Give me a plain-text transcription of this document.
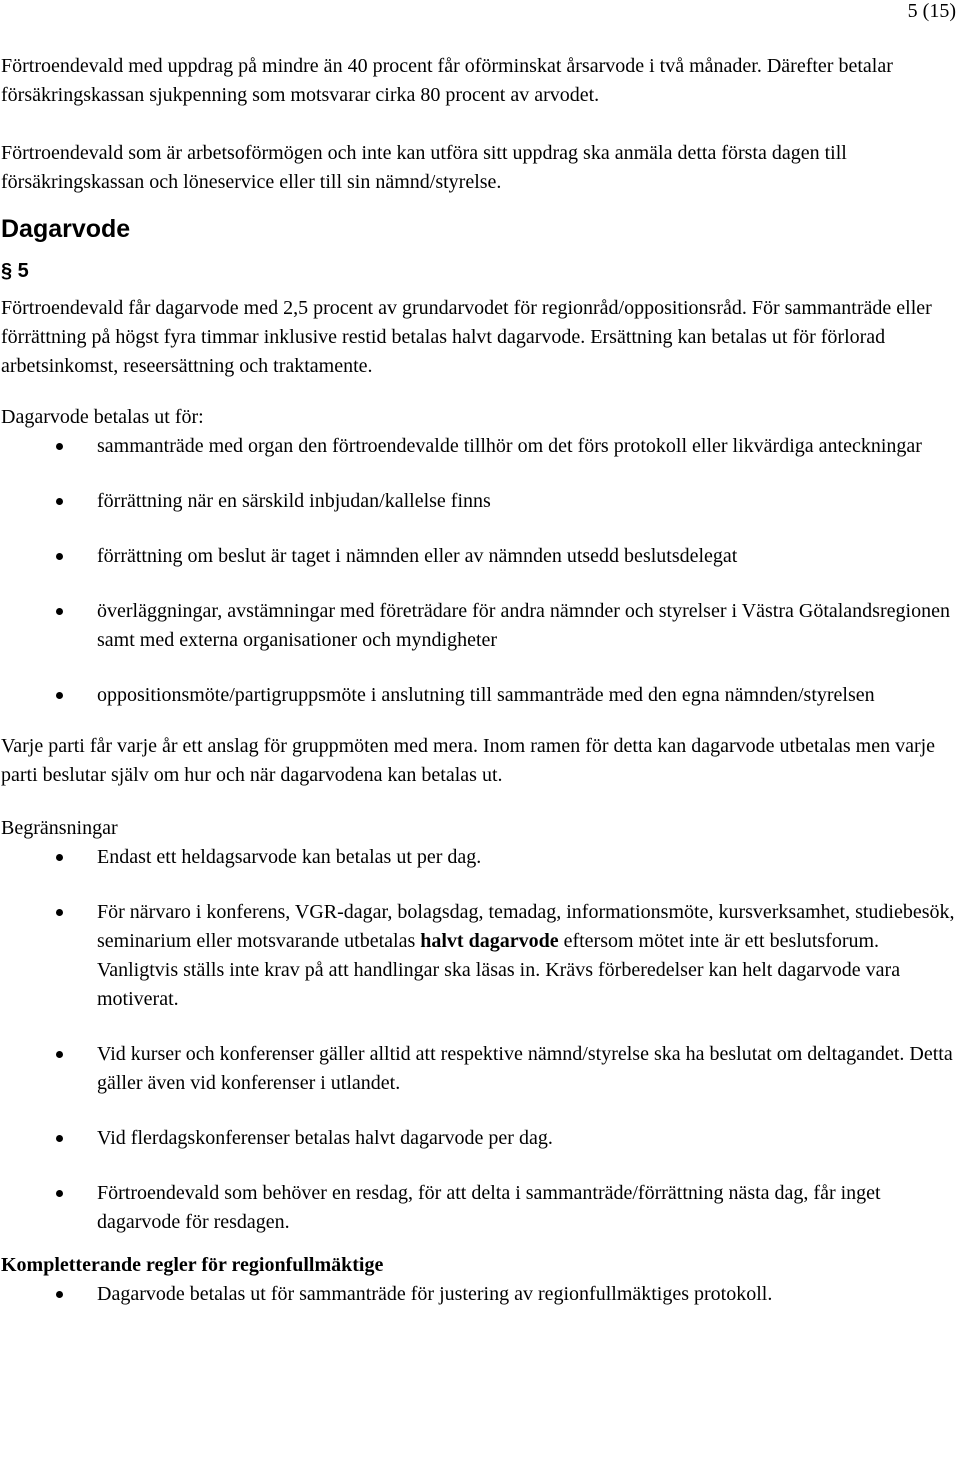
5 (15)

Förtroendevald med uppdrag på mindre än 40 procent får oförminskat årsarvode i två månader. Därefter betalar försäkringskassan sjukpenning som motsvarar cirka 80 procent av arvodet.

Förtroendevald som är arbetsoförmögen och inte kan utföra sitt uppdrag ska anmäla detta första dagen till försäkringskassan och löneservice eller till sin nämnd/styrelse.

Dagarvode
§ 5

Förtroendevald får dagarvode med 2,5 procent av grundarvodet för regionråd/oppositionsråd. För sammanträde eller förrättning på högst fyra timmar inklusive restid betalas halvt dagarvode. Ersättning kan betalas ut för förlorad arbetsinkomst, reseersättning och traktamente.

Dagarvode betalas ut för:

sammanträde med organ den förtroendevalde tillhör om det förs protokoll eller likvärdiga anteckningar
förrättning när en särskild inbjudan/kallelse finns
förrättning om beslut är taget i nämnden eller av nämnden utsedd beslutsdelegat
överläggningar, avstämningar med företrädare för andra nämnder och styrelser i Västra Götalandsregionen samt med externa organisationer och myndigheter
oppositionsmöte/partigruppsmöte i anslutning till sammanträde med den egna nämnden/styrelsen

Varje parti får varje år ett anslag för gruppmöten med mera. Inom ramen för detta kan dagarvode utbetalas men varje parti beslutar själv om hur och när dagarvodena kan betalas ut.

Begränsningar

Endast ett heldagsarvode kan betalas ut per dag.
För närvaro i konferens, VGR-dagar, bolagsdag, temadag, informationsmöte, kursverksamhet, studiebesök, seminarium eller motsvarande utbetalas halvt dagarvode eftersom mötet inte är ett beslutsforum. Vanligtvis ställs inte krav på att handlingar ska läsas in. Krävs förberedelser kan helt dagarvode vara motiverat.
Vid kurser och konferenser gäller alltid att respektive nämnd/styrelse ska ha beslutat om deltagandet. Detta gäller även vid konferenser i utlandet.
Vid flerdagskonferenser betalas halvt dagarvode per dag.
Förtroendevald som behöver en resdag, för att delta i sammanträde/förrättning nästa dag, får inget dagarvode för resdagen.

Kompletterande regler för regionfullmäktige

Dagarvode betalas ut för sammanträde för justering av regionfullmäktiges protokoll.
